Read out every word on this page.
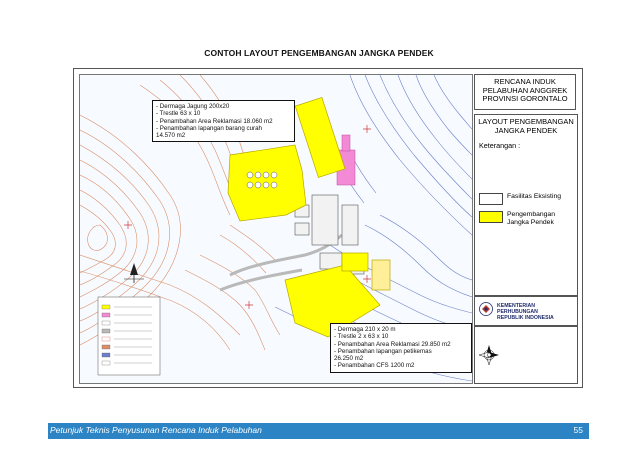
CONTOH LAYOUT PENGEMBANGAN JANGKA PENDEK
- Dermaga Jagung 200x20
- Trestle 63 x 10
- Penambahan Area Reklamasi 18.060 m2
- Penambahan lapangan barang curah
14.570 m2
- Dermaga 210 x 20 m
- Trestle 2 x 63 x 10
- Penambahan Area Reklamasi 29.850 m2
- Penambahan lapangan petikemas
26.250 m2
- Penambahan CFS 1200 m2
RENCANA INDUK
PELABUHAN ANGGREK
PROVINSI GORONTALO
LAYOUT PENGEMBANGAN
JANGKA PENDEK
Keterangan :
Fasilitas Eksisting
Pengembangan
Jangka Pendek
KEMENTERIAN PERHUBUNGAN
REPUBLIK INDONESIA
Petunjuk Teknis Penyusunan Rencana Induk Pelabuhan	55
